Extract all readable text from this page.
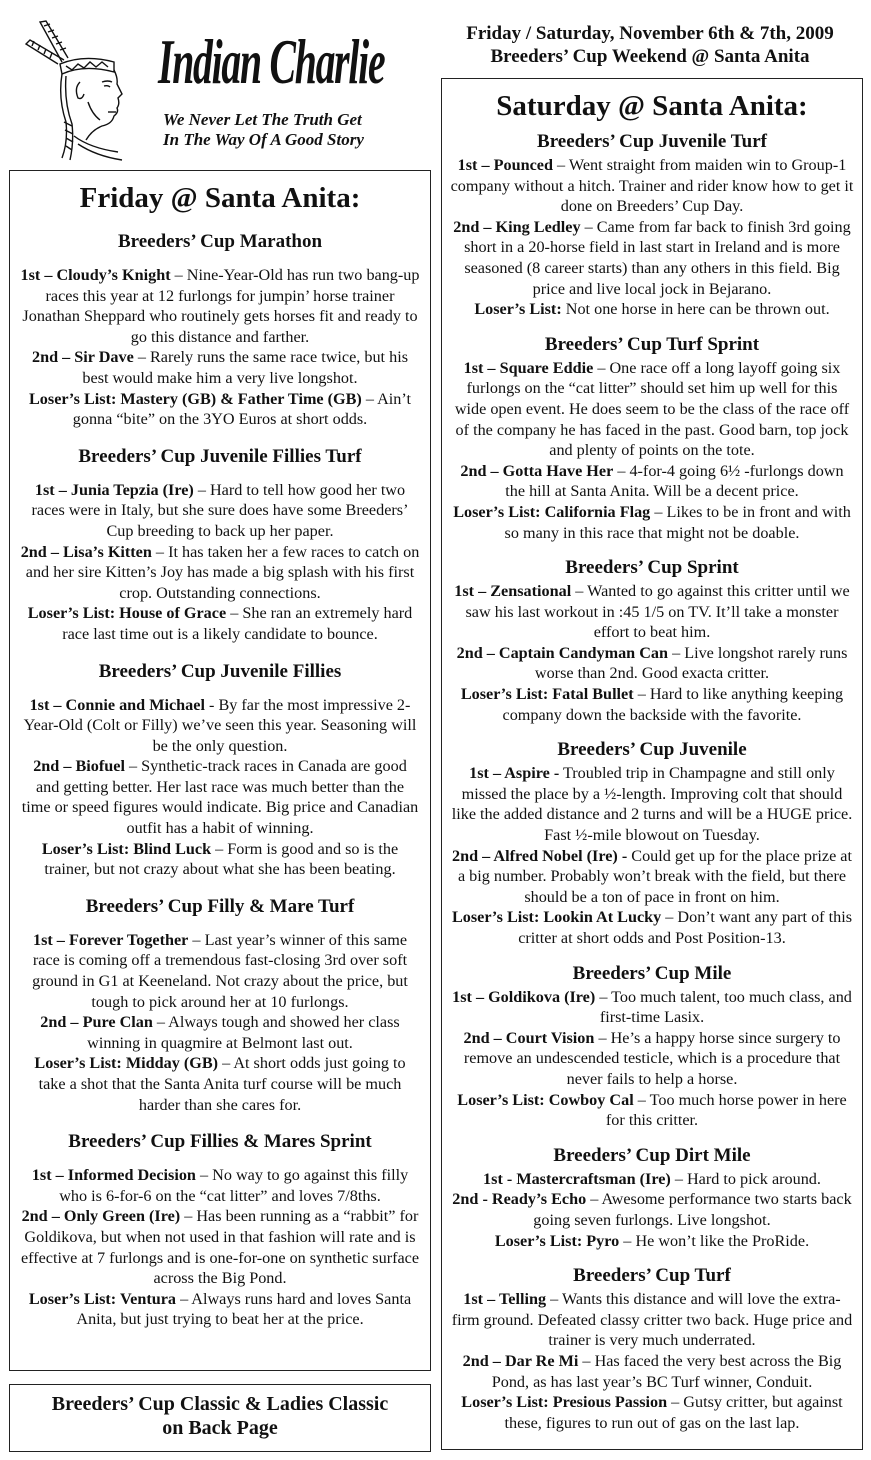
Indian Charlie
We Never Let The Truth Get
In The Way Of A Good Story
Friday / Saturday, November 6th & 7th, 2009
Breeders’ Cup Weekend @ Santa Anita
Friday @ Santa Anita:
Breeders’ Cup Marathon

1st – Cloudy’s Knight – Nine-Year-Old has run two bang-up races this year at 12 furlongs for jumpin’ horse trainer Jonathan Sheppard who routinely gets horses fit and ready to go this distance and farther.

2nd – Sir Dave – Rarely runs the same race twice, but his best would make him a very live longshot.

Loser’s List: Mastery (GB) & Father Time (GB) – Ain’t gonna “bite” on the 3YO Euros at short odds.

Breeders’ Cup Juvenile Fillies Turf

1st – Junia Tepzia (Ire) – Hard to tell how good her two races were in Italy, but she sure does have some Breeders’ Cup breeding to back up her paper.

2nd – Lisa’s Kitten – It has taken her a few races to catch on and her sire Kitten’s Joy has made a big splash with his first crop. Outstanding connections.

Loser’s List: House of Grace – She ran an extremely hard race last time out is a likely candidate to bounce.

Breeders’ Cup Juvenile Fillies

1st – Connie and Michael - By far the most impressive 2-Year-Old (Colt or Filly) we’ve seen this year. Seasoning will be the only question.

2nd – Biofuel – Synthetic-track races in Canada are good and getting better. Her last race was much better than the time or speed figures would indicate. Big price and Canadian outfit has a habit of winning.

Loser’s List: Blind Luck – Form is good and so is the trainer, but not crazy about what she has been beating.

Breeders’ Cup Filly & Mare Turf

1st – Forever Together – Last year’s winner of this same race is coming off a tremendous fast-closing 3rd over soft ground in G1 at Keeneland. Not crazy about the price, but tough to pick around her at 10 furlongs.

2nd – Pure Clan – Always tough and showed her class winning in quagmire at Belmont last out.

Loser’s List: Midday (GB) – At short odds just going to take a shot that the Santa Anita turf course will be much harder than she cares for.

Breeders’ Cup Fillies & Mares Sprint

1st – Informed Decision – No way to go against this filly who is 6-for-6 on the “cat litter” and loves 7/8ths.

2nd – Only Green (Ire) – Has been running as a “rabbit” for Goldikova, but when not used in that fashion will rate and is effective at 7 furlongs and is one-for-one on synthetic surface across the Big Pond.

Loser’s List: Ventura – Always runs hard and loves Santa Anita, but just trying to beat her at the price.

Breeders’ Cup Classic & Ladies Classic
on Back Page
Saturday @ Santa Anita:
Breeders’ Cup Juvenile Turf

1st – Pounced – Went straight from maiden win to Group-1 company without a hitch. Trainer and rider know how to get it done on Breeders’ Cup Day.

2nd – King Ledley – Came from far back to finish 3rd going short in a 20-horse field in last start in Ireland and is more seasoned (8 career starts) than any others in this field. Big price and live local jock in Bejarano.

Loser’s List: Not one horse in here can be thrown out.

Breeders’ Cup Turf Sprint

1st – Square Eddie – One race off a long layoff going six furlongs on the “cat litter” should set him up well for this wide open event. He does seem to be the class of the race off of the company he has faced in the past. Good barn, top jock and plenty of points on the tote.

2nd – Gotta Have Her – 4-for-4 going 6½ -furlongs down the hill at Santa Anita. Will be a decent price.

Loser’s List: California Flag – Likes to be in front and with so many in this race that might not be doable.

Breeders’ Cup Sprint

1st – Zensational – Wanted to go against this critter until we saw his last workout in :45 1/5 on TV. It’ll take a monster effort to beat him.

2nd – Captain Candyman Can – Live longshot rarely runs worse than 2nd. Good exacta critter.

Loser’s List: Fatal Bullet – Hard to like anything keeping company down the backside with the favorite.

Breeders’ Cup Juvenile

1st – Aspire - Troubled trip in Champagne and still only missed the place by a ½-length. Improving colt that should like the added distance and 2 turns and will be a HUGE price. Fast ½-mile blowout on Tuesday.

2nd – Alfred Nobel (Ire) - Could get up for the place prize at a big number. Probably won’t break with the field, but there should be a ton of pace in front on him.

Loser’s List: Lookin At Lucky – Don’t want any part of this critter at short odds and Post Position-13.

Breeders’ Cup Mile

1st – Goldikova (Ire) – Too much talent, too much class, and first-time Lasix.

2nd – Court Vision – He’s a happy horse since surgery to remove an undescended testicle, which is a procedure that never fails to help a horse.

Loser’s List: Cowboy Cal – Too much horse power in here for this critter.

Breeders’ Cup Dirt Mile

1st - Mastercraftsman (Ire) – Hard to pick around.

2nd - Ready’s Echo – Awesome performance two starts back going seven furlongs. Live longshot.

Loser’s List: Pyro – He won’t like the ProRide.

Breeders’ Cup Turf

1st – Telling – Wants this distance and will love the extra-firm ground. Defeated classy critter two back. Huge price and trainer is very much underrated.

2nd – Dar Re Mi – Has faced the very best across the Big Pond, as has last year’s BC Turf winner, Conduit.

Loser’s List: Presious Passion – Gutsy critter, but against these, figures to run out of gas on the last lap.
